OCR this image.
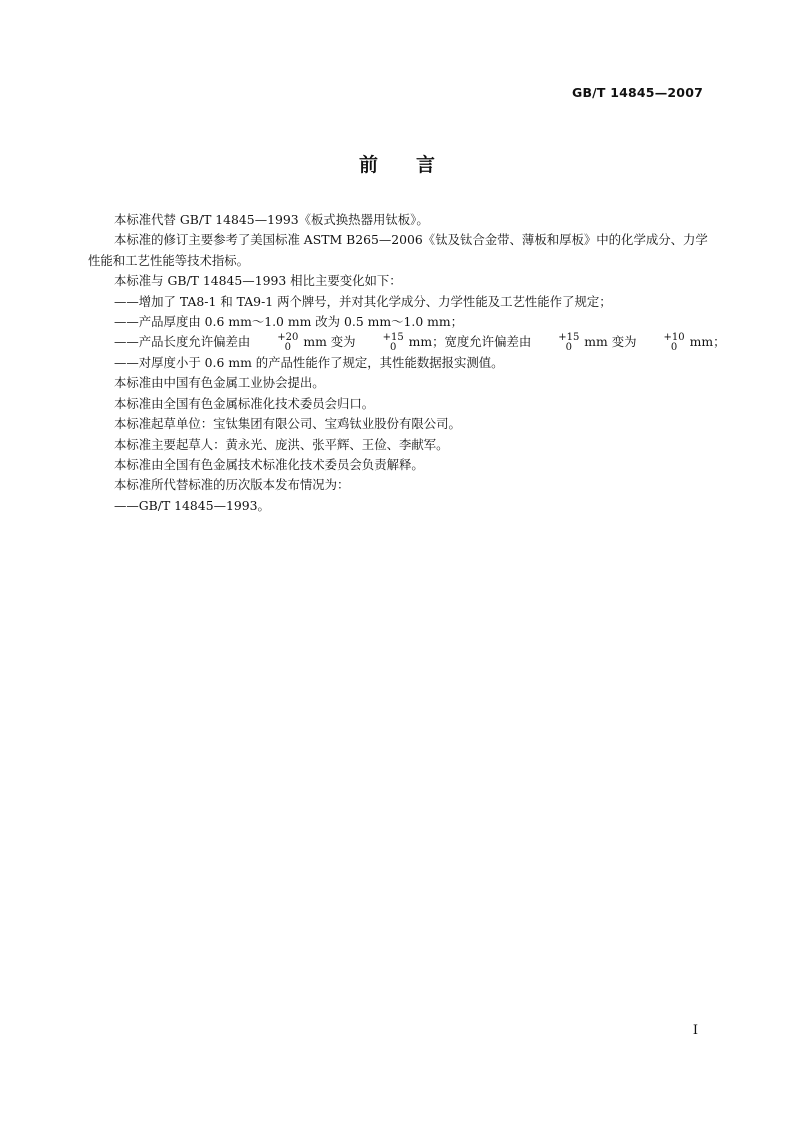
GB/T 14845—2007
前言
本标准代替 GB/T 14845—1993《板式换热器用钛板》。
本标准的修订主要参考了美国标准 ASTM B265—2006《钛及钛合金带、薄板和厚板》中的化学成分、力学性能和工艺性能等技术指标。
本标准与 GB/T 14845—1993 相比主要变化如下：
——增加了 TA8-1 和 TA9-1 两个牌号，并对其化学成分、力学性能及工艺性能作了规定；
——产品厚度由 0.6 mm～1.0 mm 改为 0.5 mm～1.0 mm；
——产品长度允许偏差由	+20
0 mm 变为	+15
0 mm；宽度允许偏差由	+15
0 mm 变为	+10
0 mm；
——对厚度小于 0.6 mm 的产品性能作了规定，其性能数据报实测值。
本标准由中国有色金属工业协会提出。
本标准由全国有色金属标准化技术委员会归口。
本标准起草单位：宝钛集团有限公司、宝鸡钛业股份有限公司。
本标准主要起草人：黄永光、庞洪、张平辉、王俭、李献军。
本标准由全国有色金属技术标准化技术委员会负责解释。
本标准所代替标准的历次版本发布情况为：
——GB/T 14845—1993。
I
